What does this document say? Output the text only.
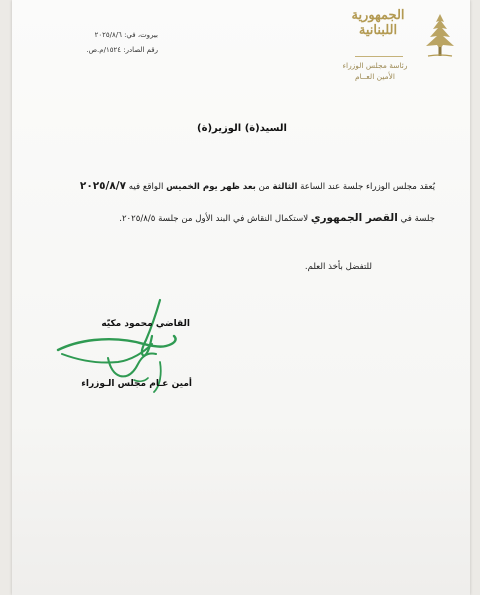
الجمهورية
اللبنانية
رئاسة مجلس الوزراء
الأمين العــام
بيروت، في: ٢٠٢٥/٨/٦
رقم الصادر: ١٥٢٤/م.ص.
السيد(ة) الوزير(ة)
يُعقد مجلس الوزراء جلسة عند الساعة الثالثة من بعد ظهر يوم الخميس الواقع فيه ٢٠٢٥/٨/٧
جلسة في القصر الجمهوري لاستكمال النقاش في البند الأول من جلسة ٢٠٢٥/٨/٥.
للتفضل بأخذ العلم.
القاضي محمود مكيّه
أمين عـام مجلس الـوزراء
